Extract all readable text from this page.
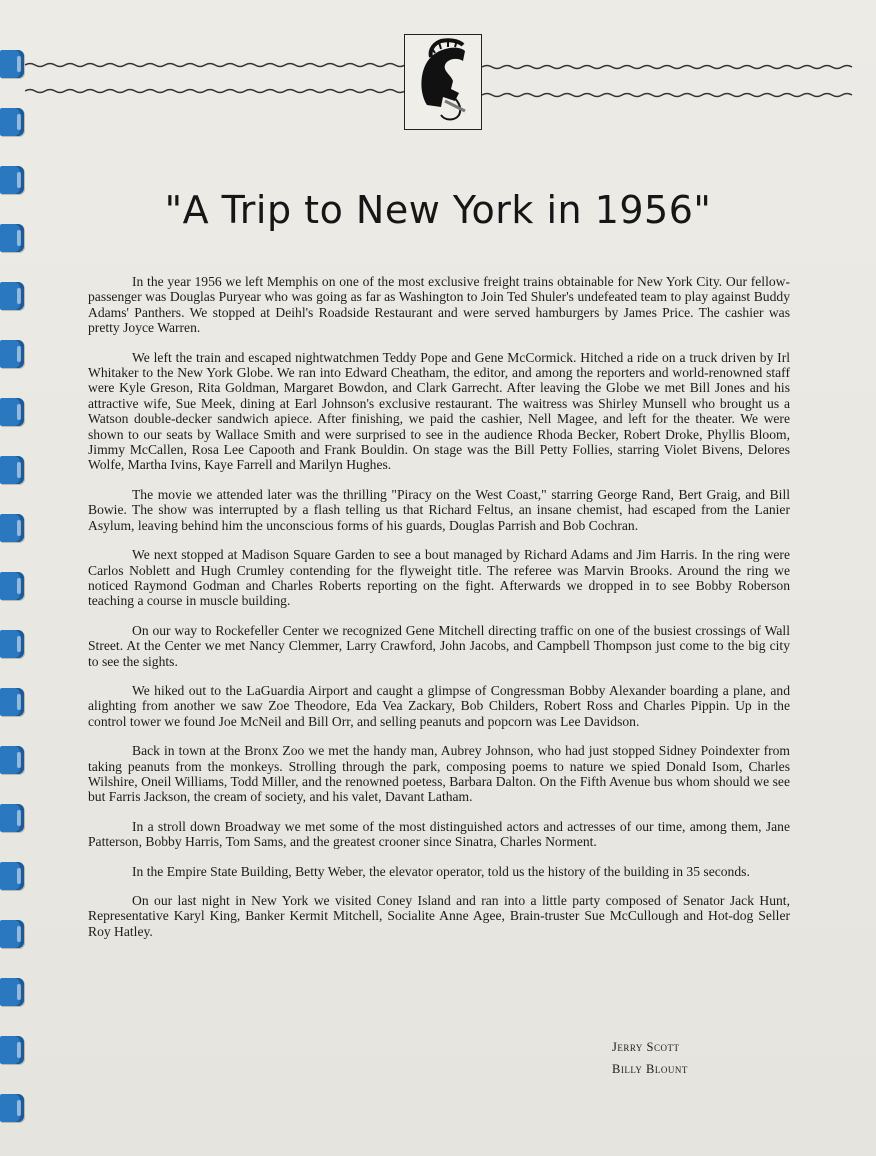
"A Trip to New York in 1956"

In the year 1956 we left Memphis on one of the most exclusive freight trains obtainable for New York City. Our fellow-passenger was Douglas Puryear who was going as far as Washington to Join Ted Shuler's undefeated team to play against Buddy Adams' Panthers. We stopped at Deihl's Roadside Restaurant and were served hamburgers by James Price. The cashier was pretty Joyce Warren.

We left the train and escaped nightwatchmen Teddy Pope and Gene McCormick. Hitched a ride on a truck driven by Irl Whitaker to the New York Globe. We ran into Edward Cheatham, the editor, and among the reporters and world-renowned staff were Kyle Greson, Rita Goldman, Margaret Bowdon, and Clark Garrecht. After leaving the Globe we met Bill Jones and his attractive wife, Sue Meek, dining at Earl Johnson's exclusive restaurant. The waitress was Shirley Munsell who brought us a Watson double-decker sandwich apiece. After finishing, we paid the cashier, Nell Magee, and left for the theater. We were shown to our seats by Wallace Smith and were surprised to see in the audience Rhoda Becker, Robert Droke, Phyllis Bloom, Jimmy McCallen, Rosa Lee Capooth and Frank Bouldin. On stage was the Bill Petty Follies, starring Violet Bivens, Delores Wolfe, Martha Ivins, Kaye Farrell and Marilyn Hughes.

The movie we attended later was the thrilling "Piracy on the West Coast," starring George Rand, Bert Graig, and Bill Bowie. The show was interrupted by a flash telling us that Richard Feltus, an insane chemist, had escaped from the Lanier Asylum, leaving behind him the unconscious forms of his guards, Douglas Parrish and Bob Cochran.

We next stopped at Madison Square Garden to see a bout managed by Richard Adams and Jim Harris. In the ring were Carlos Noblett and Hugh Crumley contending for the flyweight title. The referee was Marvin Brooks. Around the ring we noticed Raymond Godman and Charles Roberts reporting on the fight. Afterwards we dropped in to see Bobby Roberson teaching a course in muscle building.

On our way to Rockefeller Center we recognized Gene Mitchell directing traffic on one of the busiest crossings of Wall Street. At the Center we met Nancy Clemmer, Larry Crawford, John Jacobs, and Campbell Thompson just come to the big city to see the sights.

We hiked out to the LaGuardia Airport and caught a glimpse of Congressman Bobby Alexander boarding a plane, and alighting from another we saw Zoe Theodore, Eda Vea Zackary, Bob Childers, Robert Ross and Charles Pippin. Up in the control tower we found Joe McNeil and Bill Orr, and selling peanuts and popcorn was Lee Davidson.

Back in town at the Bronx Zoo we met the handy man, Aubrey Johnson, who had just stopped Sidney Poindexter from taking peanuts from the monkeys. Strolling through the park, composing poems to nature we spied Donald Isom, Charles Wilshire, Oneil Williams, Todd Miller, and the renowned poetess, Barbara Dalton. On the Fifth Avenue bus whom should we see but Farris Jackson, the cream of society, and his valet, Davant Latham.

In a stroll down Broadway we met some of the most distinguished actors and actresses of our time, among them, Jane Patterson, Bobby Harris, Tom Sams, and the greatest crooner since Sinatra, Charles Norment.

In the Empire State Building, Betty Weber, the elevator operator, told us the history of the building in 35 seconds.

On our last night in New York we visited Coney Island and ran into a little party composed of Senator Jack Hunt, Representative Karyl King, Banker Kermit Mitchell, Socialite Anne Agee, Brain-truster Sue McCullough and Hot-dog Seller Roy Hatley.

Jerry Scott
Billy Blount
